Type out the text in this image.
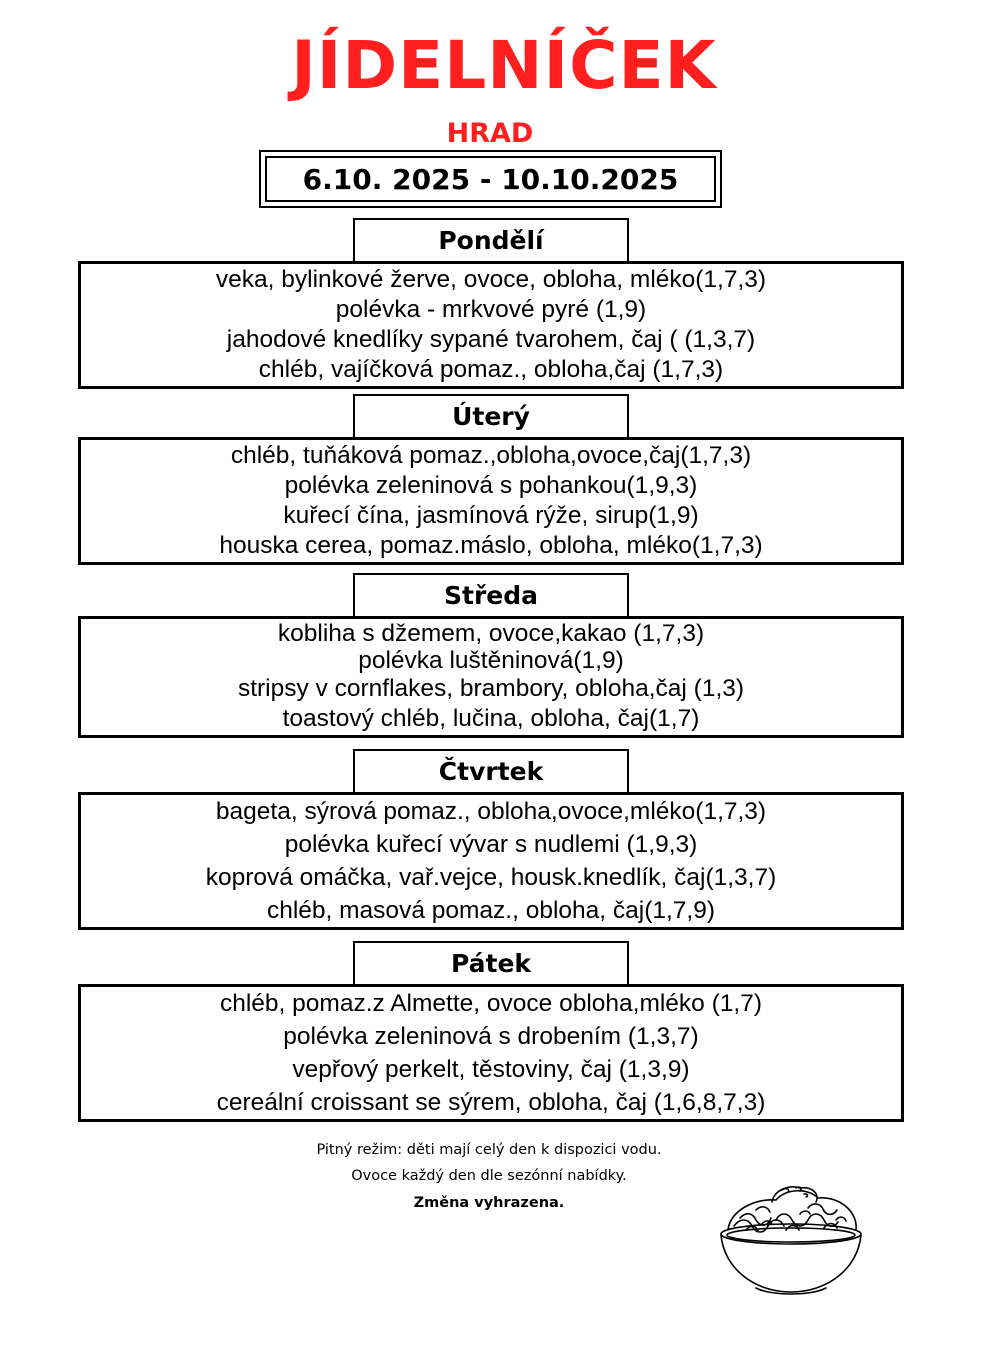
JÍDELNÍČEK
HRAD
6.10. 2025 - 10.10.2025
Pondělí
veka, bylinkové žerve, ovoce, obloha, mléko(1,7,3)
polévka - mrkvové pyré (1,9)
jahodové knedlíky sypané tvarohem, čaj ( (1,3,7)
chléb, vajíčková pomaz., obloha,čaj (1,7,3)
Úterý
chléb, tuňáková pomaz.,obloha,ovoce,čaj(1,7,3)
polévka zeleninová s pohankou(1,9,3)
kuřecí čína, jasmínová rýže, sirup(1,9)
houska cerea, pomaz.máslo, obloha, mléko(1,7,3)
Středa
kobliha s džemem, ovoce,kakao (1,7,3)
polévka luštěninová(1,9)
stripsy v cornflakes, brambory, obloha,čaj (1,3)
toastový chléb, lučina, obloha, čaj(1,7)
Čtvrtek
bageta, sýrová pomaz., obloha,ovoce,mléko(1,7,3)
polévka kuřecí vývar s nudlemi (1,9,3)
koprová omáčka, vař.vejce, housk.knedlík, čaj(1,3,7)
chléb, masová pomaz., obloha, čaj(1,7,9)
Pátek
chléb, pomaz.z Almette, ovoce obloha,mléko (1,7)
polévka zeleninová s drobením (1,3,7)
vepřový perkelt, těstoviny, čaj (1,3,9)
cereální croissant se sýrem, obloha, čaj (1,6,8,7,3)
Pitný režim: děti mají celý den k dispozici vodu.
Ovoce každý den dle sezónní nabídky.
Změna vyhrazena.
